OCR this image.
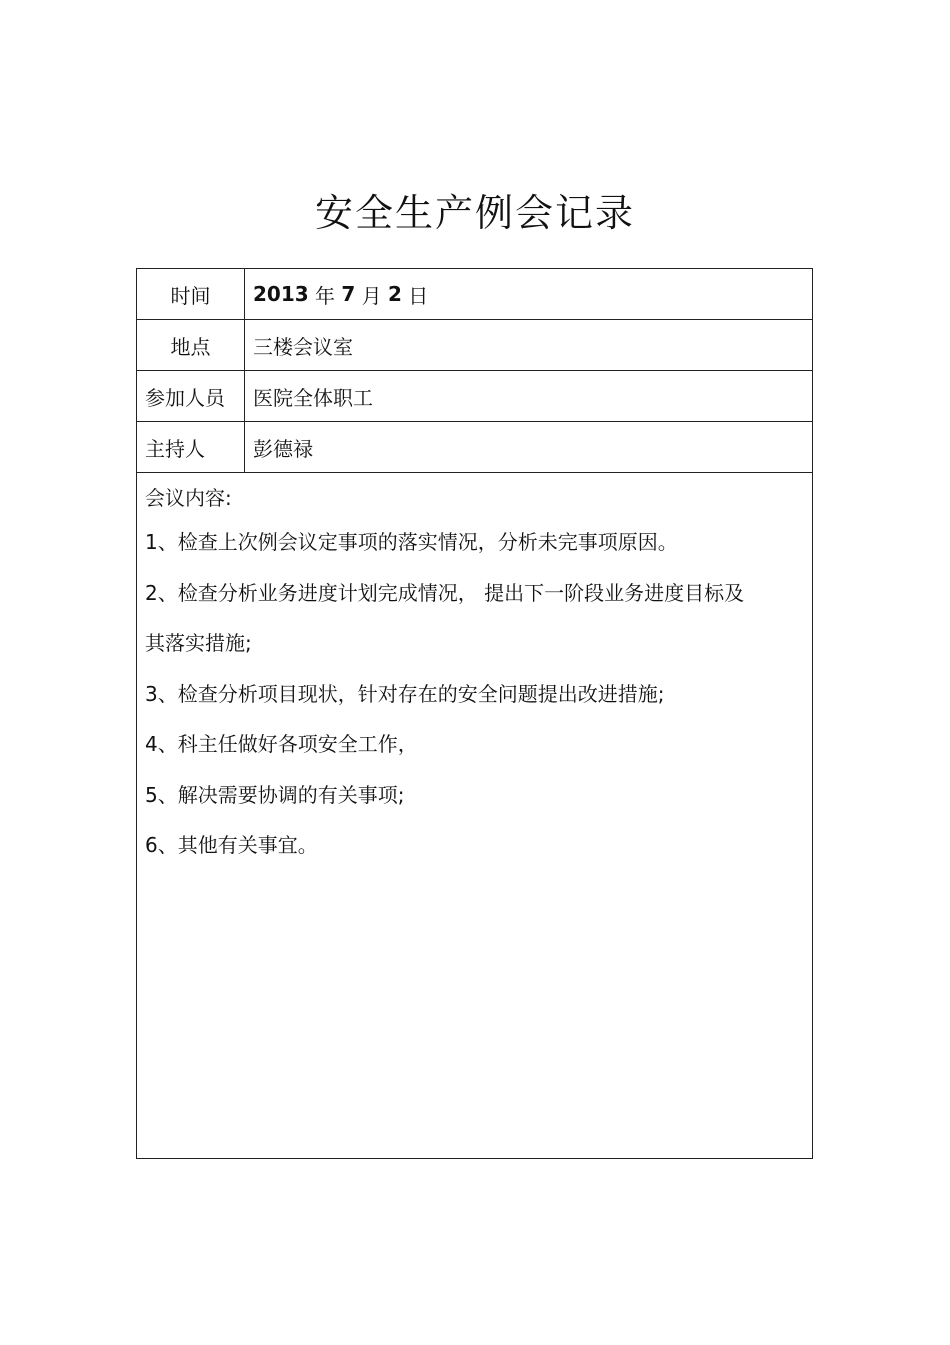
安全生产例会记录
时间	2013 年 7 月 2 日
地点	三楼会议室
参加人员	医院全体职工
主持人	彭德禄
会议内容:
1、检查上次例会议定事项的落实情况，分析未完事项原因。
2、检查分析业务进度计划完成情况， 提出下一阶段业务进度目标及
其落实措施;
3、检查分析项目现状，针对存在的安全问题提出改进措施;
4、科主任做好各项安全工作，
5、解决需要协调的有关事项;
6、其他有关事宜。
